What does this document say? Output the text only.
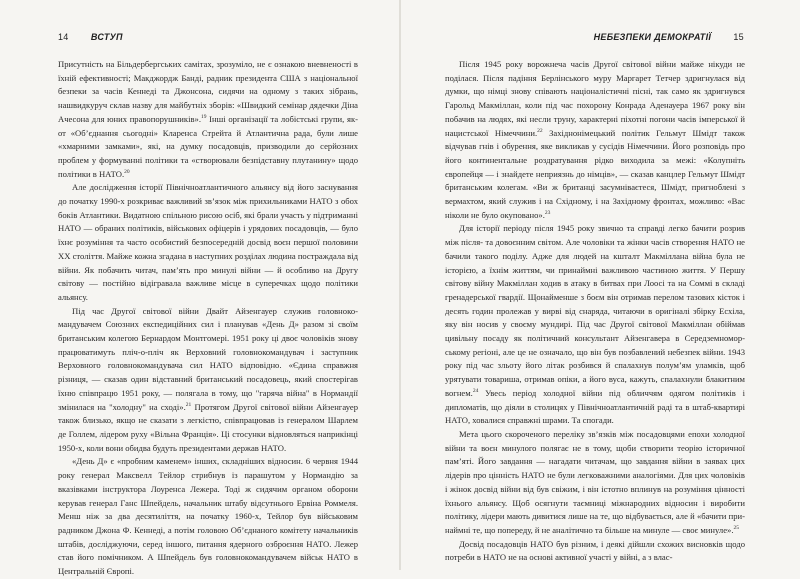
14 ВСТУП

Присутність на Більдербергських самітах, зрозуміло, не є ознакою вневненості в їхній ефективності; Макджордж Банді, радник президента США з національної безпеки за часів Кеннеді та Джонсона, сидячи на одному з таких зібрань, нашвидкуруч склав назву для майбутніх зборів: «Швидкий семінар дядечки Діна Ачесона для юних правопорушників».$^{19}$ Інші організації та лобістські групи, як-от «Об’єднання сьогодні» Кларенса Стрейта й Атлантична рада, були лише «хмарними замками», які, на думку посадовців, призводили до серйозних проблем у формуванні політики та «створювали безпідставну плутанину» щодо політики в НАТО.$^{20}$

Але дослідження історії Північноатлантичного альянсу від його заснування до початку 1990-х розкриває важливий зв’язок між прихильниками НАТО з обох боків Атлантики. Видатною спільною рисою осіб, які брали участь у підтриманні НАТО — обраних політиків, військових офіцерів і урядових посадовців, — було їхнє розуміння та часто особистий безпосередній досвід воєн першої половини XX століття. Майже кожна згадана в наступних розділах людина постраждала від війни. Як побачить читач, пам’ять про минулі війни — й особливо на Другу світову — постійно відігравала важливе місце в суперечках щодо політики альянсу.

Під час Другої світової війни Двайт Айзенгауер служив головнокомандувачем Союзних експедиційних сил і планував «День Д» разом зі своїм британським колегою Бернардом Монтгомері. 1951 року ці двоє чоловіків знову працюватимуть пліч-о-пліч як Верховний головнокомандувач і заступник Верховного головнокомандувача сил НАТО відповідно. «Єдина справжня різниця, — сказав один відставний британський посадовець, який спостерігав їхню співпрацю 1951 року, — полягала в тому, що "гаряча війна" в Нормандії змінилася на "холодну" на сході».$^{21}$ Протягом Другої світової війни Айзенгауер також близько, якщо не сказати з легкістю, співпрацював із генералом Шарлем де Голлем, лідером руху «Вільна Франція». Ці стосунки відновляться наприкінці 1950-х, коли вони обидва будуть президентами держав НАТО.

«День Д» є «пробним каменем» інших, складніших відносин. 6 червня 1944 року генерал Максвелл Тейлор стрибнув із парашутом у Нормандію за вказівками інструктора Лоуренса Лежера. Тоді ж сидячим органом оборони керував генерал Ганс Шпейдель, начальник штабу відсутнього Ервіна Роммеля. Менш ніж за два десятиліття, на початку 1960-х, Тейлор був військовим радником Джона Ф. Кеннеді, а потім головою Об’єднаного комітету начальників штабів, досліджуючи, серед іншого, питання ядерного озброєння НАТО. Лежер став його помічником. А Шпейдель був головнокомандувачем військ НАТО в Центральній Європі.

НЕБЕЗПЕКИ ДЕМОКРАТІЇ 15

Після 1945 року ворожнеча часів Другої світової війни майже нікуди не поділася. Після падіння Берлінського муру Маргарет Тетчер здригнулася від думки, що німці знову співають націоналістичні пісні, так само як здригнувся Гарольд Макміллан, коли під час похорону Конрада Аденауера 1967 року він побачив на людях, які несли труну, характерні піхотні погони часів імперської й нацистської Німеччини.$^{22}$ Західнонімецький політик Гельмут Шмідт також відчував гнів і обурення, яке викликав у сусідів Німеччини. Його розповідь про його континентальне роздратування рідко виходила за межі: «Колупніть європейця — і знайдете неприязнь до німців», — сказав канцлер Гельмут Шмідт британським колегам. «Ви ж британці засумніваєтеся, Шмідт, пригноблені з вермахтом, який служив і на Східному, і на Західному фронтах, можливо: «Вас ніколи не було окуповано».$^{23}$

Для історії періоду після 1945 року звично та справді легко бачити розрив між після- та довоєнним світом. Але чоловіки та жінки часів створення НАТО не бачили такого поділу. Адже для людей на кшталт Макміллана війна була не історією, а їхнім життям, чи принаймні важливою частиною життя. У Першу світову війну Макміллан ходив в атаку в битвах при Лоосі та на Соммі в складі гренадерської гвардії. Щонайменше з боєм він отримав перелом тазових кісток і десять годин пролежав у вирві від снаряда, читаючи в оригіналі збірку Есхіла, яку він носив у своєму мундирі. Під час Другої світової Макміллан обіймав цивільну посаду як політичний консультант Айзенгавера в Середземноморському регіоні, але це не означало, що він був позбавлений небезпек війни. 1943 року під час зльоту його літак розбився й спалахнув полум’ям уламків, щоб урятувати товариша, отримав опіки, а його вуса, кажуть, спалахнули блакитним вогнем.$^{24}$ Увесь період холодної війни під обличчям одягом політиків і дипломатів, що діяли в столицях у Північноатлантичній раді та в штаб-квартирі НАТО, ховалися справжні шрами. Та спогади.

Мета цього скороченого переліку зв’язків між посадовцями епохи холодної війни та воєн минулого полягає не в тому, щоби створити теорію історичної пам’яті. Його завдання — нагадати читачам, що завдання війни в заявах цих лідерів про цінність НАТО не були легковажними аналогіями. Для цих чоловіків і жінок досвід війни від був свіжим, і він істотно вплинув на розуміння цінності їхнього альянсу. Щоб осягнути таємниці міжнародних відносин і виробити політику, лідери мають дивитися лише на те, що відбувається, але й «бачити принаймні те, що попереду, й не аналітично та більше на минуле — своє минуле».$^{25}$

Досвід посадовців НАТО був різним, і деякі дійшли схожих висновків щодо потреби в НАТО не на основі активної участі у війні, а з влас-
